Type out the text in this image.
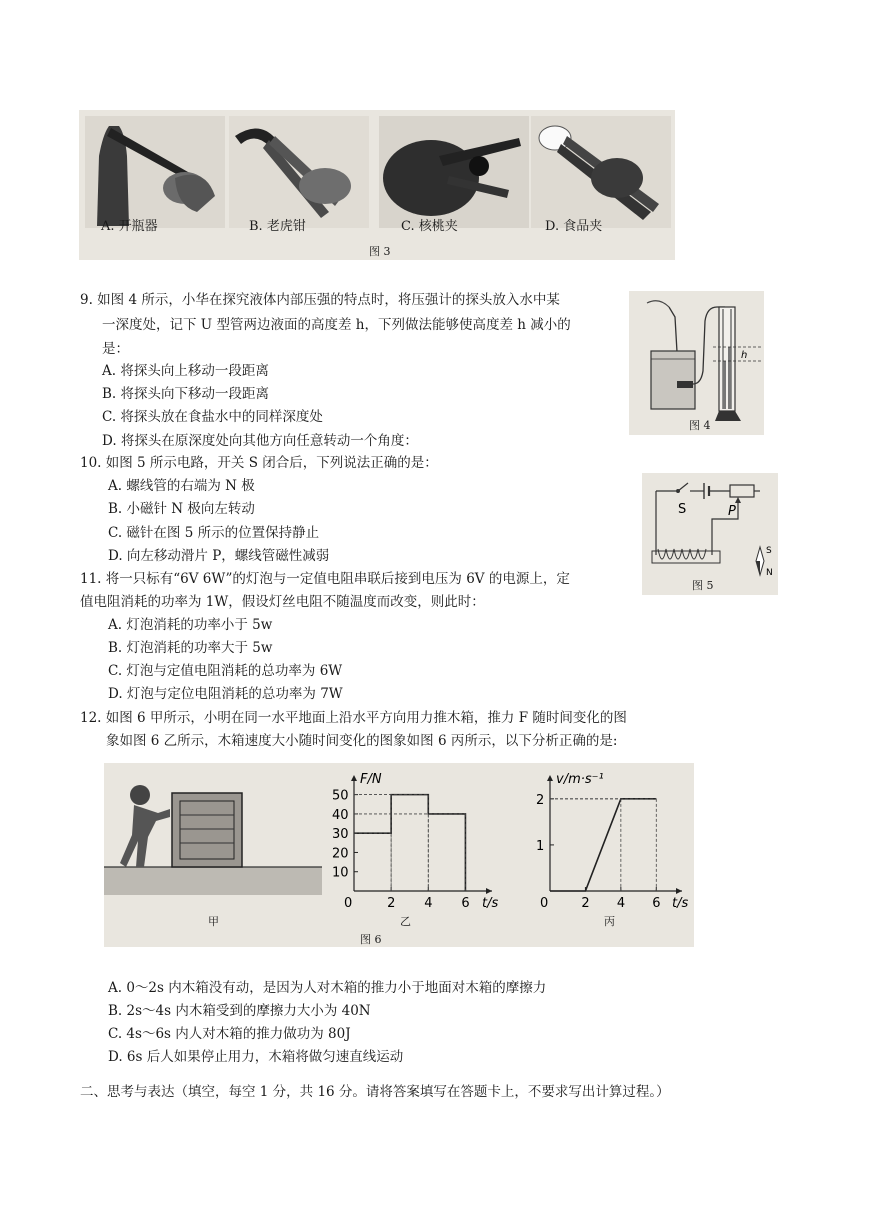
A. 开瓶器	B. 老虎钳	C. 核桃夹	D. 食品夹
图 3
9. 如图 4 所示，小华在探究液体内部压强的特点时，将压强计的探头放入水中某
一深度处，记下 U 型管两边液面的高度差 h，下列做法能够使高度差 h 减小的
是：
A. 将探头向上移动一段距离
B. 将探头向下移动一段距离
C. 将探头放在食盐水中的同样深度处
D. 将探头在原深度处向其他方向任意转动一个角度：
h
图 4
10. 如图 5 所示电路，开关 S 闭合后，下列说法正确的是：
A. 螺线管的右端为 N 极
B. 小磁针 N 极向左转动
C. 磁针在图 5 所示的位置保持静止
D. 向左移动滑片 P，螺线管磁性减弱
S	P
S
N
图 5
11. 将一只标有“6V 6W”的灯泡与一定值电阻串联后接到电压为 6V 的电源上，定
值电阻消耗的功率为 1W，假设灯丝电阻不随温度而改变，则此时：
A. 灯泡消耗的功率小于 5w
B. 灯泡消耗的功率大于 5w
C. 灯泡与定值电阻消耗的总功率为 6W
D. 灯泡与定位电阻消耗的总功率为 7W
12. 如图 6 甲所示，小明在同一水平地面上沿水平方向用力推木箱，推力 F 随时间变化的图
象如图 6 乙所示，木箱速度大小随时间变化的图象如图 6 丙所示，以下分析正确的是:
甲
0	2 4 6
10
20
30
40
50
t/s
F/N
乙
0	2 4 6
1
2
t/s
v/m·s⁻¹
丙
图 6
A. 0～2s 内木箱没有动，是因为人对木箱的推力小于地面对木箱的摩擦力
B. 2s～4s 内木箱受到的摩擦力大小为 40N
C. 4s～6s 内人对木箱的推力做功为 80J
D. 6s 后人如果停止用力，木箱将做匀速直线运动
二、思考与表达（填空，每空 1 分，共 16 分。请将答案填写在答题卡上，不要求写出计算过程。）
